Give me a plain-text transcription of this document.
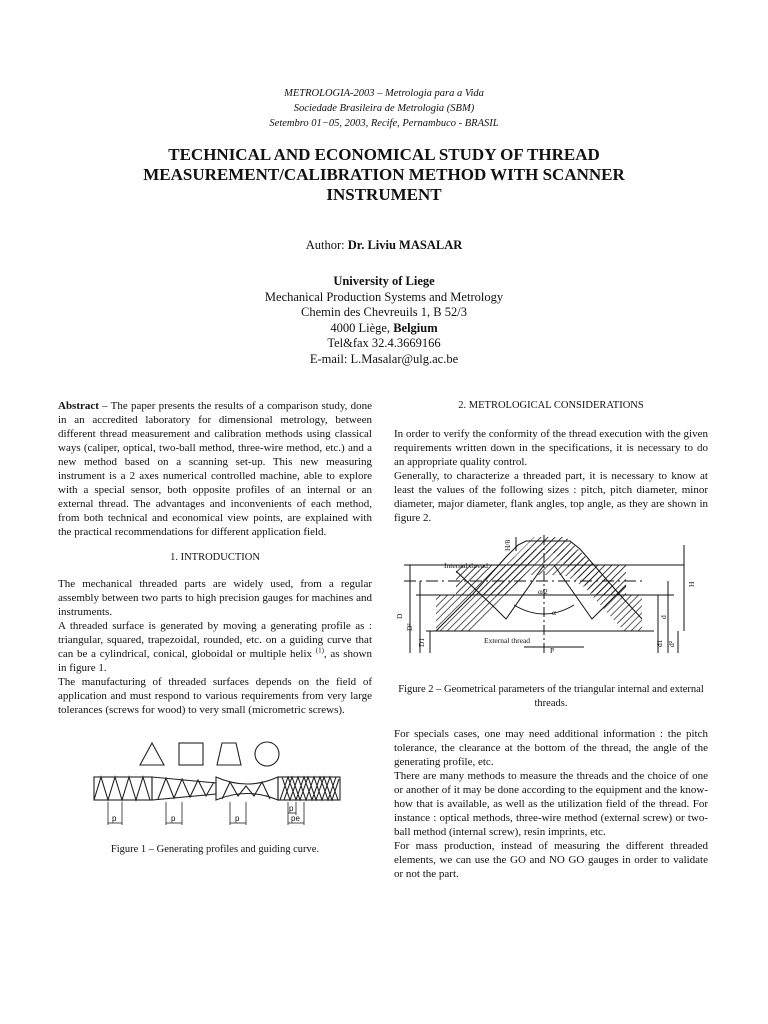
METROLOGIA-2003 – Metrologia para a Vida
Sociedade Brasileira de Metrologia (SBM)
Setembro 01−05, 2003, Recife, Pernambuco - BRASIL
TECHNICAL AND ECONOMICAL STUDY OF THREAD MEASUREMENT/CALIBRATION METHOD WITH SCANNER INSTRUMENT
Author: Dr. Liviu MASALAR
University of Liege
Mechanical Production Systems and Metrology
Chemin des Chevreuils 1, B 52/3
4000 Liège, Belgium
Tel&fax 32.4.3669166
E-mail: L.Masalar@ulg.ac.be

Abstract – The paper presents the results of a comparison study, done in an accredited laboratory for dimensional metrology, between different thread measurement and calibration methods using classical ways (caliper, optical, two-ball method, three-wire method, etc.) and a new method based on a scanning set-up. This new measuring instrument is a 2 axes numerical controlled machine, able to explore with a special sensor, both opposite profiles of an internal or an external thread. The advantages and inconvenients of each method, from both technical and economical view points, are explained with the practical recommendations for different application field.

1. INTRODUCTION

The mechanical threaded parts are widely used, from a regular assembly between two parts to high precision gauges for machines and instruments.

A threaded surface is generated by moving a generating profile as : triangular, squared, trapezoidal, rounded, etc. on a guiding curve that can be a cylindrical, conical, globoidal or multiple helix $^{(1)}$, as shown in figure 1.

The manufacturing of threaded surfaces depends on the field of application and must respond to various requirements from very large tolerances (screws for wood) to very small (micrometric screws).

p	p	p
p
pe
Figure 1 – Generating profiles and guiding curve.
2. METROLOGICAL CONSIDERATIONS

In order to verify the conformity of the thread execution with the given requirements written down in the specifications, it is necessary to do an appropriate quality control.

Generally, to characterize a threaded part, it is necessary to know at least the values of the following sizes : pitch, pitch diameter, minor diameter, major diameter, flank angles, top angle, as they are shown in figure 2.

Internal thread
External thread
P
α
α/2
D
D²
D1
d
d1 d²
H
H/8
Figure 2 – Geometrical parameters of the triangular internal and external threads.

For specials cases, one may need additional information : the pitch tolerance, the clearance at the bottom of the thread, the angle of the generating profile, etc.

There are many methods to measure the threads and the choice of one or another of it may be done according to the equipment and the know-how that is available, as well as the utilization field of the thread. For instance : optical methods, three-wire method (external screw) or two-ball method (internal screw), resin imprints, etc.

For mass production, instead of measuring the different threaded elements, we can use the GO and NO GO gauges in order to validate or not the part.
